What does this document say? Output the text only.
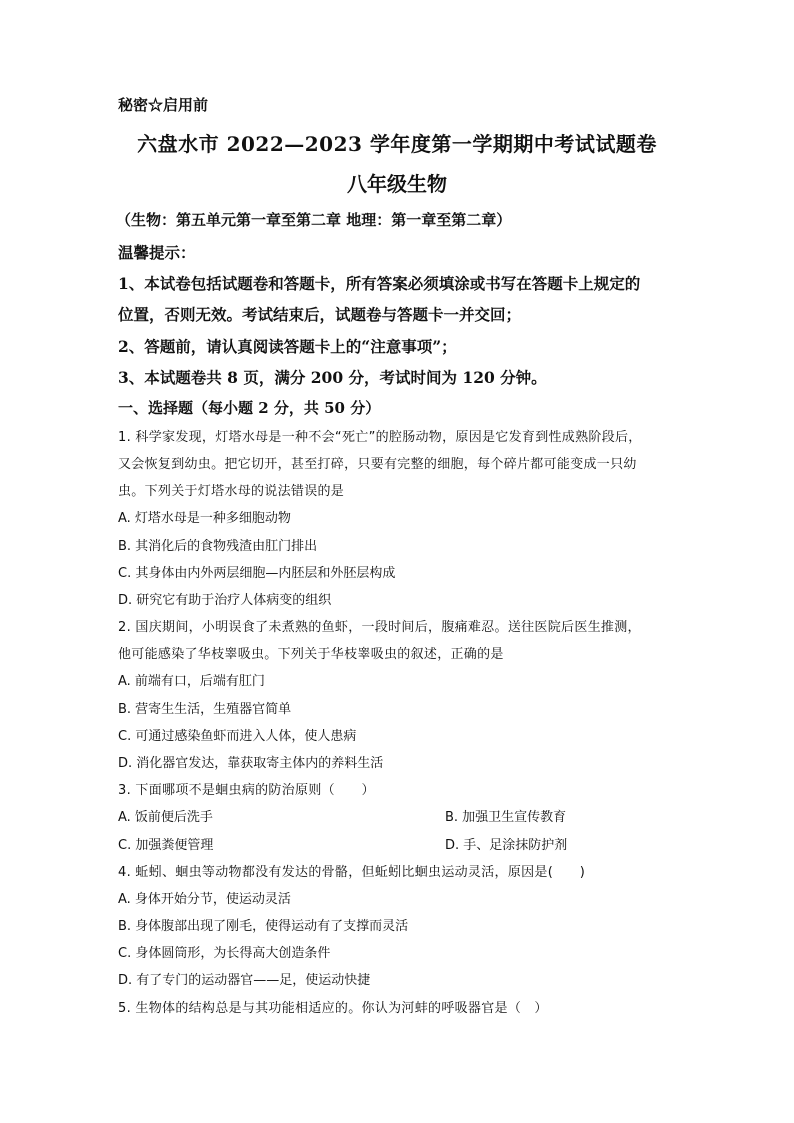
秘密☆启用前
六盘水市 2022—2023 学年度第一学期期中考试试题卷
八年级生物
（生物：第五单元第一章至第二章 地理：第一章至第二章）
温馨提示：
1、本试卷包括试题卷和答题卡，所有答案必须填涂或书写在答题卡上规定的
位置，否则无效。考试结束后，试题卷与答题卡一并交回；
2、答题前，请认真阅读答题卡上的“注意事项”；
3、本试题卷共 8 页，满分 200 分，考试时间为 120 分钟。
一、选择题（每小题 2 分，共 50 分）
1. 科学家发现，灯塔水母是一种不会“死亡”的腔肠动物，原因是它发育到性成熟阶段后，
又会恢复到幼虫。把它切开，甚至打碎，只要有完整的细胞，每个碎片都可能变成一只幼
虫。下列关于灯塔水母的说法错误的是
A. 灯塔水母是一种多细胞动物
B. 其消化后的食物残渣由肛门排出
C. 其身体由内外两层细胞—内胚层和外胚层构成
D. 研究它有助于治疗人体病变的组织
2. 国庆期间，小明误食了未煮熟的鱼虾，一段时间后，腹痛难忍。送往医院后医生推测，
他可能感染了华枝睾吸虫。下列关于华枝睾吸虫的叙述，正确的是
A. 前端有口，后端有肛门
B. 营寄生生活，生殖器官简单
C. 可通过感染鱼虾而进入人体，使人患病
D. 消化器官发达，靠获取寄主体内的养料生活
3. 下面哪项不是蛔虫病的防治原则（　　）
A. 饭前便后洗手	B. 加强卫生宣传教育
C. 加强粪便管理	D. 手、足涂抹防护剂
4. 蚯蚓、蛔虫等动物都没有发达的骨骼，但蚯蚓比蛔虫运动灵活，原因是(　　)
A. 身体开始分节，使运动灵活
B. 身体腹部出现了刚毛，使得运动有了支撑而灵活
C. 身体圆筒形，为长得高大创造条件
D. 有了专门的运动器官——足，使运动快捷
5. 生物体的结构总是与其功能相适应的。你认为河蚌的呼吸器官是（　）
